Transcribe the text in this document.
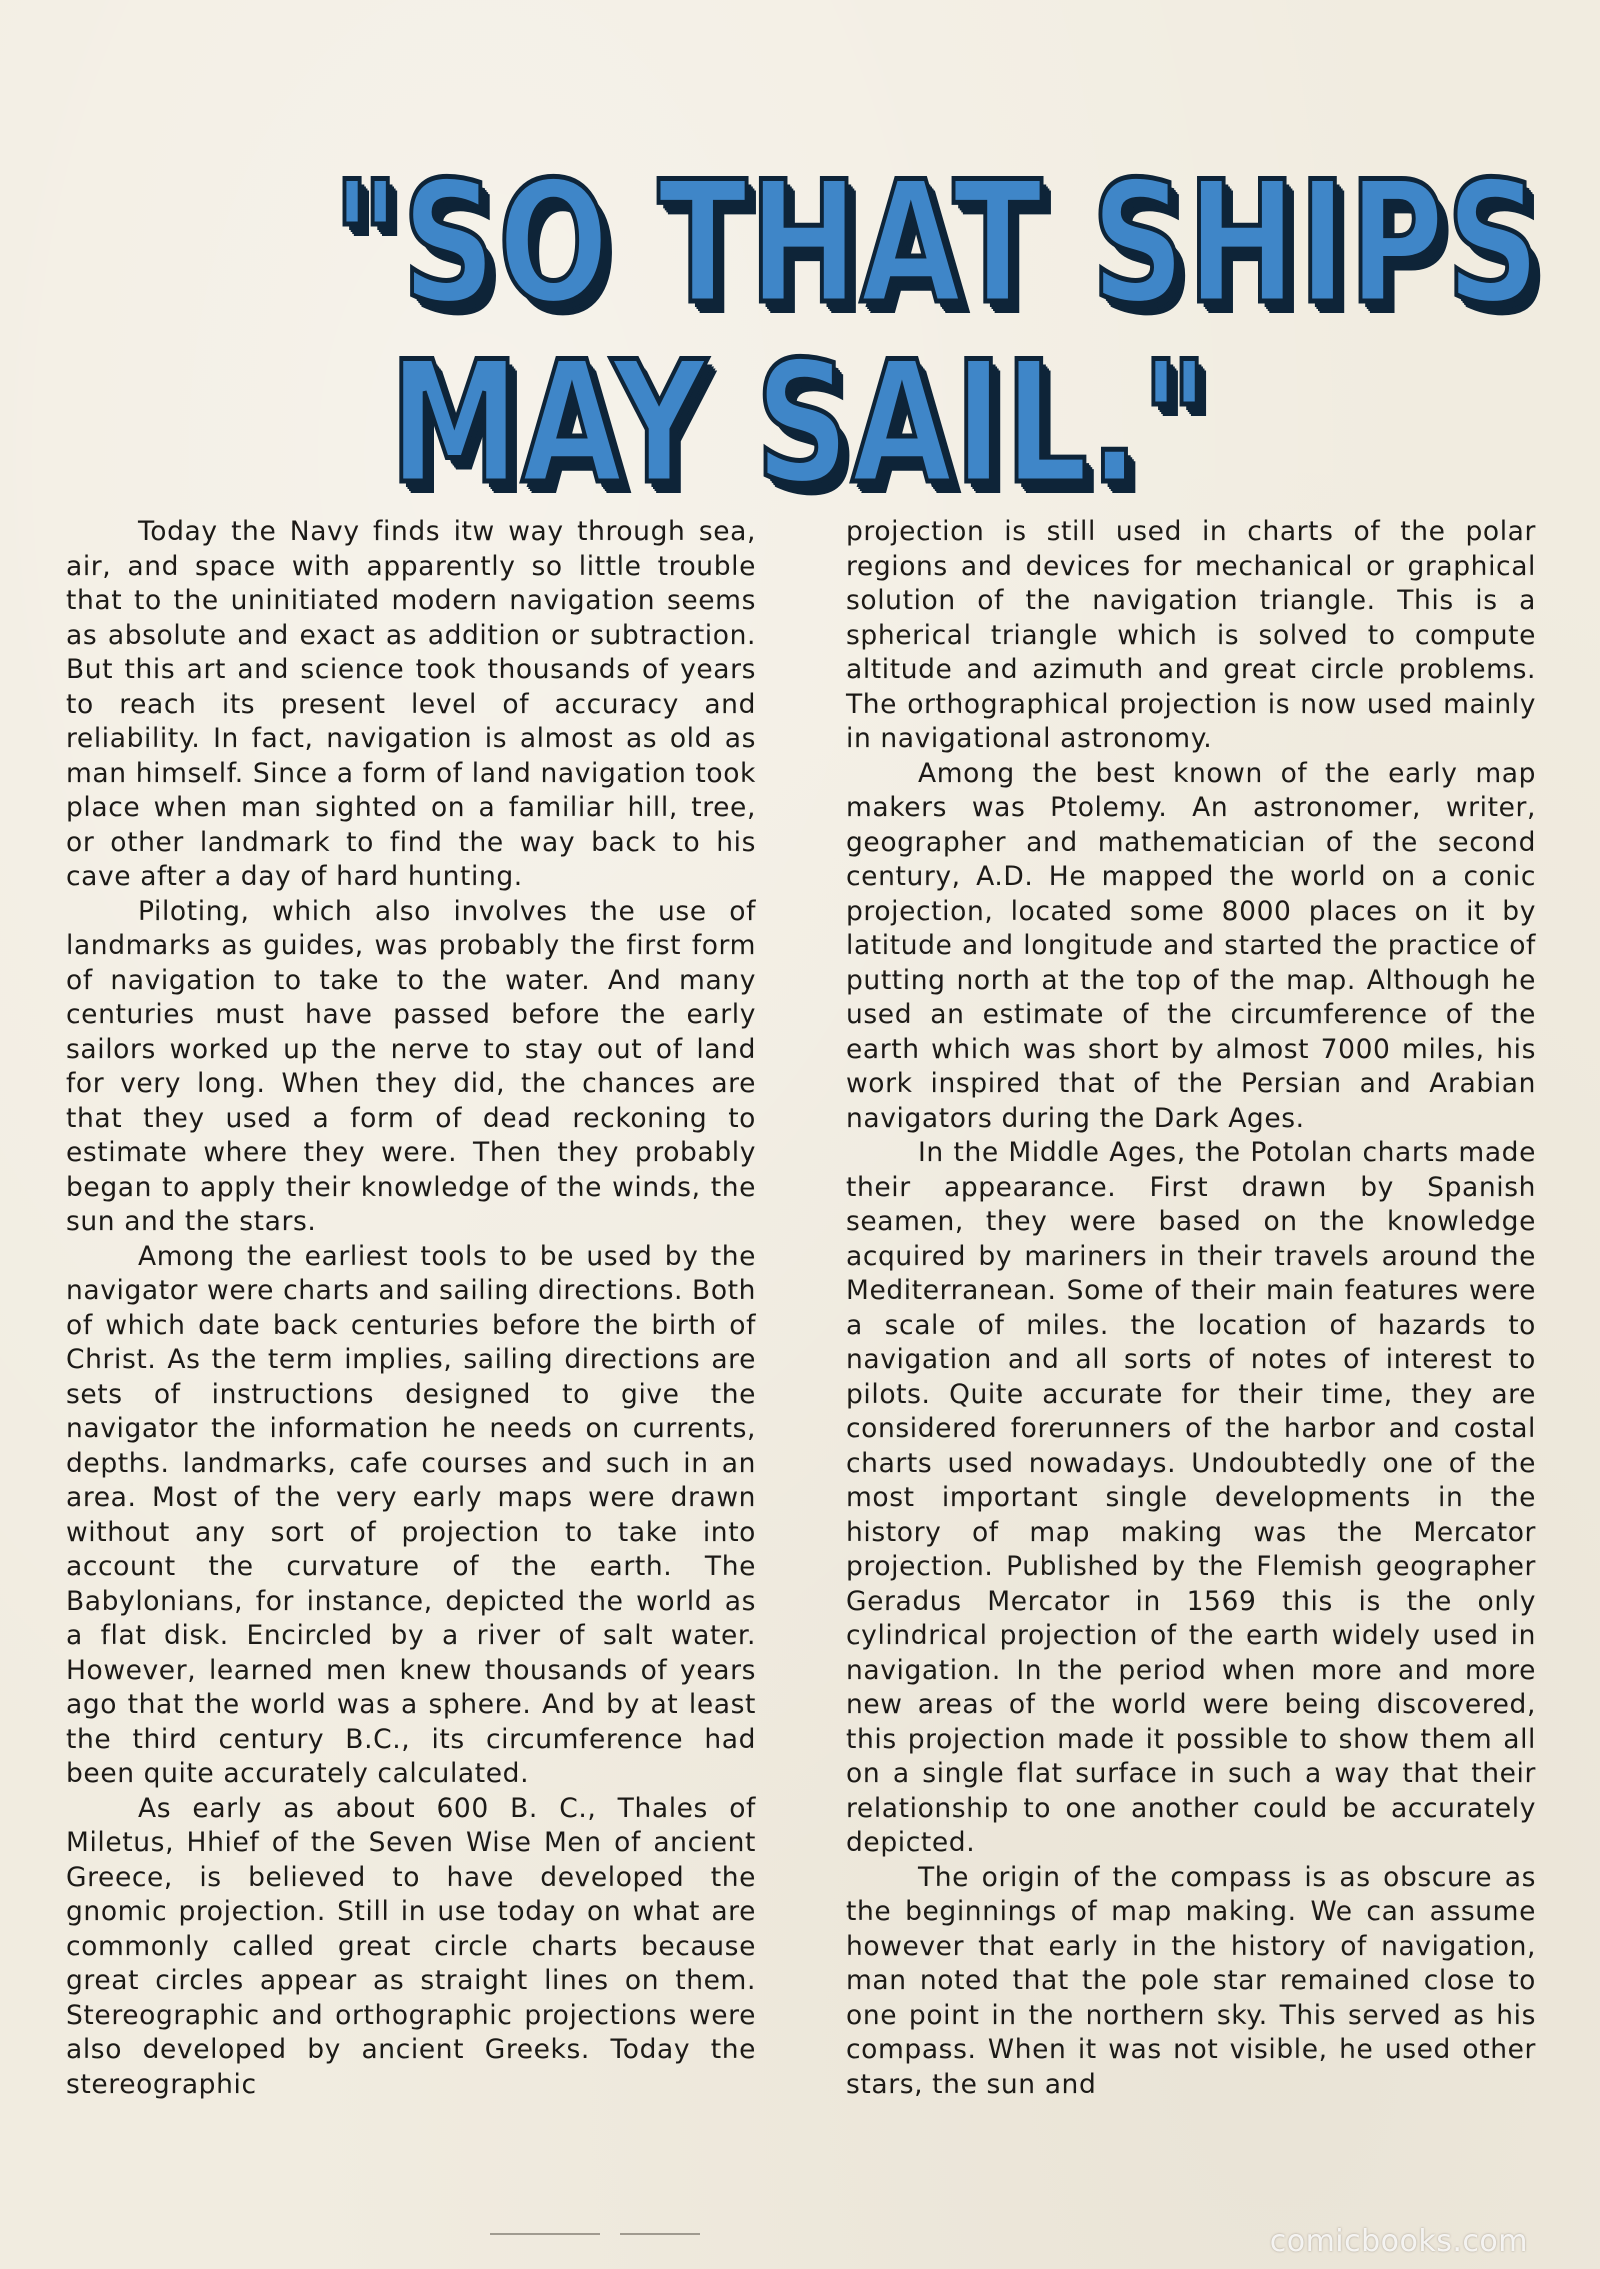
"SO THAT SHIPS
MAY SAIL."

Today the Navy finds itw way through sea, air, and space with apparently so little trouble that to the uninitiated modern navigation seems as absolute and exact as addition or subtraction. But this art and science took thousands of years to reach its present level of accuracy and reliability. In fact, navigation is almost as old as man himself. Since a form of land navigation took place when man sighted on a familiar hill, tree, or other landmark to find the way back to his cave after a day of hard hunting.

Piloting, which also involves the use of landmarks as guides, was probably the first form of navigation to take to the water. And many centuries must have passed before the early sailors worked up the nerve to stay out of land for very long. When they did, the chances are that they used a form of dead reckoning to estimate where they were. Then they probably began to apply their knowledge of the winds, the sun and the stars.

Among the earliest tools to be used by the navigator were charts and sailing directions. Both of which date back centuries before the birth of Christ. As the term implies, sailing directions are sets of instructions designed to give the navigator the information he needs on currents, depths. landmarks, cafe courses and such in an area. Most of the very early maps were drawn without any sort of projection to take into account the curvature of the earth. The Babylonians, for instance, depicted the world as a flat disk. Encircled by a river of salt water. However, learned men knew thousands of years ago that the world was a sphere. And by at least the third century B.C., its circumference had been quite accurately calculated.

As early as about 600 B. C., Thales of Miletus, Hhief of the Seven Wise Men of ancient Greece, is believed to have developed the gnomic projection. Still in use today on what are commonly called great circle charts because great circles appear as straight lines on them. Stereographic and orthographic projections were also developed by ancient Greeks. Today the stereographic

projection is still used in charts of the polar regions and devices for mechanical or graphical solution of the navigation triangle. This is a spherical triangle which is solved to compute altitude and azimuth and great circle problems. The orthographical projection is now used mainly in navigational astronomy.

Among the best known of the early map makers was Ptolemy. An astronomer, writer, geographer and mathematician of the second century, A.D. He mapped the world on a conic projection, located some 8000 places on it by latitude and longitude and started the practice of putting north at the top of the map. Although he used an estimate of the circumference of the earth which was short by almost 7000 miles, his work inspired that of the Persian and Arabian navigators during the Dark Ages.

In the Middle Ages, the Potolan charts made their appearance. First drawn by Spanish seamen, they were based on the knowledge acquired by mariners in their travels around the Mediterranean. Some of their main features were a scale of miles. the location of hazards to navigation and all sorts of notes of interest to pilots. Quite accurate for their time, they are considered forerunners of the harbor and costal charts used nowadays. Undoubtedly one of the most important single developments in the history of map making was the Mercator projection. Published by the Flemish geographer Geradus Mercator in 1569 this is the only cylindrical projection of the earth widely used in navigation. In the period when more and more new areas of the world were being discovered, this projection made it possible to show them all on a single flat surface in such a way that their relationship to one another could be accurately depicted.

The origin of the compass is as obscure as the beginnings of map making. We can assume however that early in the history of navigation, man noted that the pole star remained close to one point in the northern sky. This served as his compass. When it was not visible, he used other stars, the sun and

comicbooks.com
